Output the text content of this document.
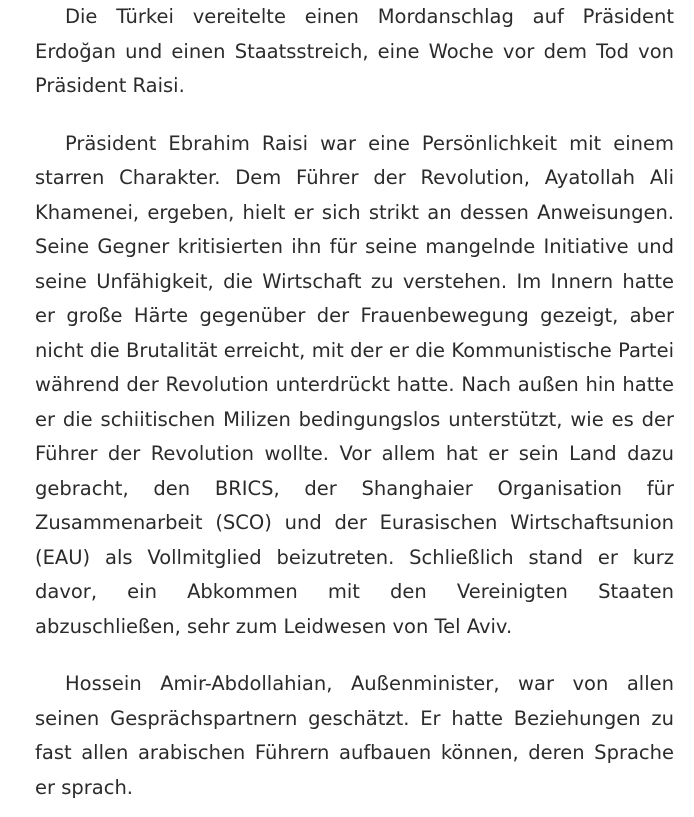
Die Türkei vereitelte einen Mordanschlag auf Präsident Erdoğan und einen Staatsstreich, eine Woche vor dem Tod von Präsident Raisi.

Präsident Ebrahim Raisi war eine Persönlichkeit mit einem starren Charakter. Dem Führer der Revolution, Ayatollah Ali Khamenei, ergeben, hielt er sich strikt an dessen Anweisungen. Seine Gegner kritisierten ihn für seine mangelnde Initiative und seine Unfähigkeit, die Wirtschaft zu verstehen. Im Innern hatte er große Härte gegenüber der Frauenbewegung gezeigt, aber nicht die Brutalität erreicht, mit der er die Kommunistische Partei während der Revolution unterdrückt hatte. Nach außen hin hatte er die schiitischen Milizen bedingungslos unterstützt, wie es der Führer der Revolution wollte. Vor allem hat er sein Land dazu gebracht, den BRICS, der Shanghaier Organisation für Zusammenarbeit (SCO) und der Eurasischen Wirtschaftsunion (EAU) als Vollmitglied beizutreten. Schließlich stand er kurz davor, ein Abkommen mit den Vereinigten Staaten abzuschließen, sehr zum Leidwesen von Tel Aviv.

Hossein Amir-Abdollahian, Außenminister, war von allen seinen Gesprächspartnern geschätzt. Er hatte Beziehungen zu fast allen arabischen Führern aufbauen können, deren Sprache er sprach.
